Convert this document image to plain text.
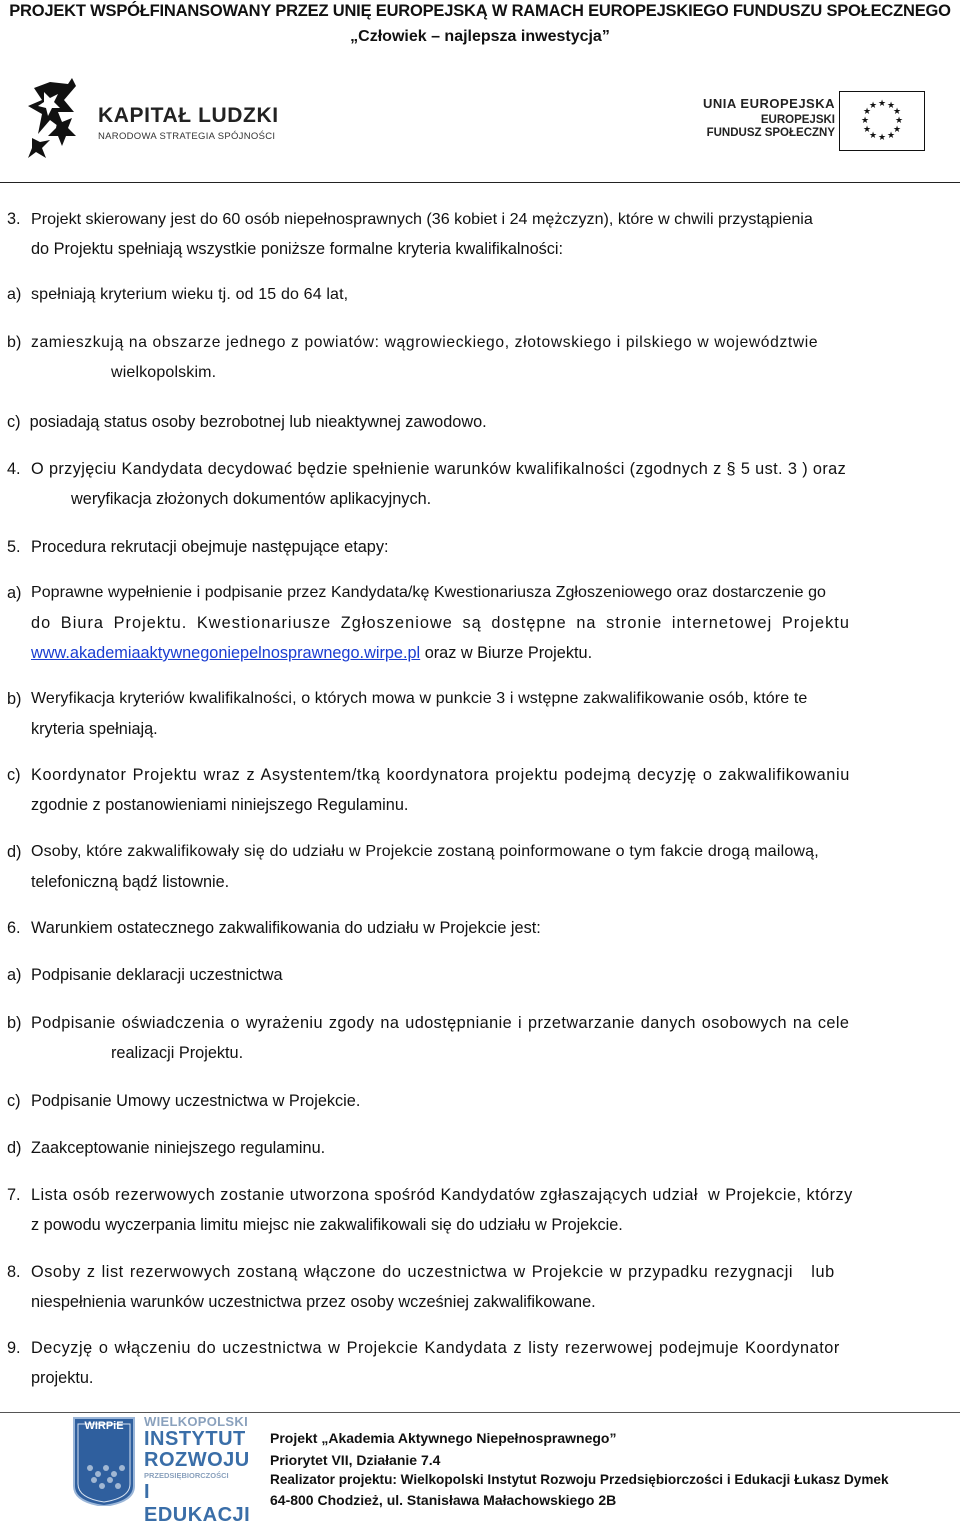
PROJEKT WSPÓŁFINANSOWANY PRZEZ UNIĘ EUROPEJSKĄ W RAMACH EUROPEJSKIEGO FUNDUSZU SPOŁECZNEGO
„Człowiek – najlepsza inwestycja”
KAPITAŁ LUDZKI
NARODOWA STRATEGIA SPÓJNOŚCI
UNIA EUROPEJSKA
EUROPEJSKI
FUNDUSZ SPOŁECZNY
★ ★
★
★
★
★
★
★
★
★
★
★
3. Projekt skierowany jest do 60 osób niepełnosprawnych (36 kobiet i 24 mężczyzn), które w chwili przystąpienia
do Projektu spełniają wszystkie poniższe formalne kryteria kwalifikalności:
a) spełniają kryterium wieku tj. od 15 do 64 lat,
b) zamieszkują na obszarze jednego z powiatów: wągrowieckiego, złotowskiego i pilskiego w województwie
wielkopolskim.
c)  posiadają status osoby bezrobotnej lub nieaktywnej zawodowo.
4. O przyjęciu Kandydata decydować będzie spełnienie warunków kwalifikalności (zgodnych z § 5 ust. 3 ) oraz
weryfikacja złożonych dokumentów aplikacyjnych.
5. Procedura rekrutacji obejmuje następujące etapy:
a) Poprawne wypełnienie i podpisanie przez Kandydata/kę Kwestionariusza Zgłoszeniowego oraz dostarczenie go
do Biura Projektu. Kwestionariusze Zgłoszeniowe są dostępne na stronie internetowej Projektu
www.akademiaaktywnegoniepelnosprawnego.wirpe.pl oraz w Biurze Projektu.
b) Weryfikacja kryteriów kwalifikalności, o których mowa w punkcie 3 i wstępne zakwalifikowanie osób, które te
kryteria spełniają.
c) Koordynator Projektu wraz z Asystentem/tką koordynatora projektu podejmą decyzję o zakwalifikowaniu
zgodnie z postanowieniami niniejszego Regulaminu.
d) Osoby, które zakwalifikowały się do udziału w Projekcie zostaną poinformowane o tym fakcie drogą mailową,
telefoniczną bądź listownie.
6. Warunkiem ostatecznego zakwalifikowania do udziału w Projekcie jest:
a) Podpisanie deklaracji uczestnictwa
b) Podpisanie oświadczenia o wyrażeniu zgody na udostępnianie i przetwarzanie danych osobowych na cele
realizacji Projektu.
c) Podpisanie Umowy uczestnictwa w Projekcie.
d) Zaakceptowanie niniejszego regulaminu.
7. Lista osób rezerwowych zostanie utworzona spośród Kandydatów zgłaszających udział  w Projekcie, którzy
z powodu wyczerpania limitu miejsc nie zakwalifikowali się do udziału w Projekcie.
8. Osoby z list rezerwowych zostaną włączone do uczestnictwa w Projekcie w przypadku rezygnacji   lub
niespełnienia warunków uczestnictwa przez osoby wcześniej zakwalifikowane.
9. Decyzję o włączeniu do uczestnictwa w Projekcie Kandydata z listy rezerwowej podejmuje Koordynator
projektu.
WIRPiE	WIELKOPOLSKI
INSTYTUT
ROZWOJU
PRZEDSIĘBIORCZOŚCI
I EDUKACJI
Projekt „Akademia Aktywnego Niepełnosprawnego”
Priorytet VII, Działanie 7.4
Realizator projektu: Wielkopolski Instytut Rozwoju Przedsiębiorczości i Edukacji Łukasz Dymek
64-800 Chodzież, ul. Stanisława Małachowskiego 2B
